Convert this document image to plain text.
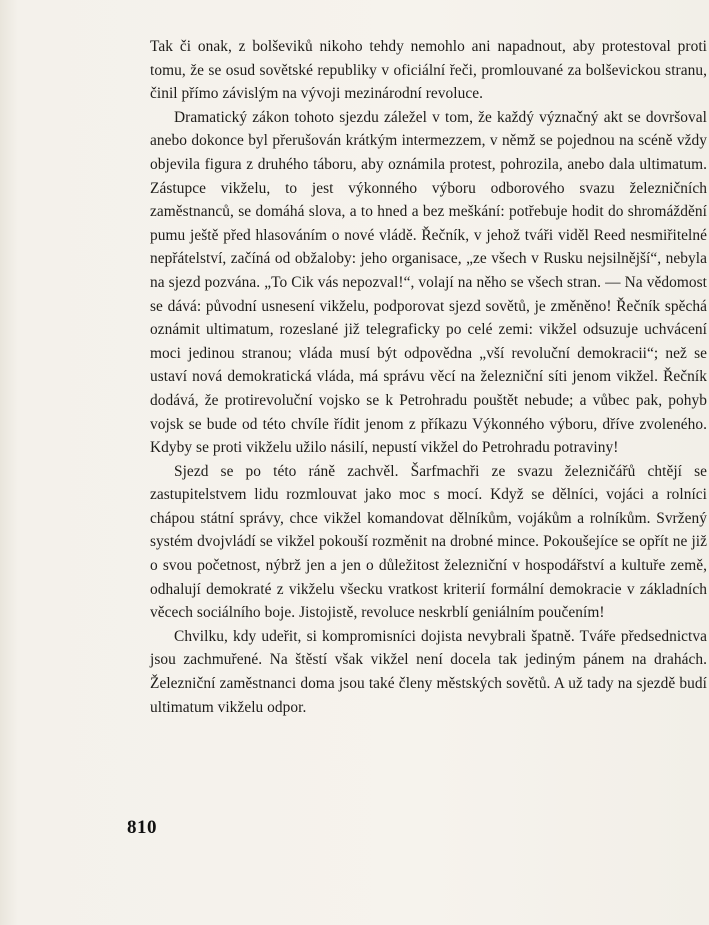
Tak či onak, z bolševiků nikoho tehdy nemohlo ani napadnout, aby protestoval proti tomu, že se osud sovětské republiky v oficiální řeči, promlouvané za bolševickou stranu, činil přímo závislým na vývoji mezinárodní revoluce.

Dramatický zákon tohoto sjezdu záležel v tom, že každý význačný akt se dovršoval anebo dokonce byl přerušován krátkým intermezzem, v němž se pojednou na scéně vždy objevila figura z druhého táboru, aby oznámila protest, pohrozila, anebo dala ultimatum. Zástupce vikželu, to jest výkonného výboru odborového svazu železničních zaměstnanců, se domáhá slova, a to hned a bez meškání: potřebuje hodit do shromáždění pumu ještě před hlasováním o nové vládě. Řečník, v jehož tváři viděl Reed nesmiřitelné nepřátelství, začíná od obžaloby: jeho organisace, „ze všech v Rusku nejsilnější“, nebyla na sjezd pozvána. „To Cik vás nepozval!“, volají na něho se všech stran. — Na vědomost se dává: původní usnesení vikželu, podporovat sjezd sovětů, je změněno! Řečník spěchá oznámit ultimatum, rozeslané již telegraficky po celé zemi: vikžel odsuzuje uchvácení moci jedinou stranou; vláda musí být odpovědna „vší revoluční demokracii“; než se ustaví nová demokratická vláda, má správu věcí na železniční síti jenom vikžel. Řečník dodává, že protirevoluční vojsko se k Petrohradu pouštět nebude; a vůbec pak, pohyb vojsk se bude od této chvíle řídit jenom z příkazu Výkonného výboru, dříve zvoleného. Kdyby se proti vikželu užilo násilí, nepustí vikžel do Petrohradu potraviny!

Sjezd se po této ráně zachvěl. Šarfmachři ze svazu železničářů chtějí se zastupitelstvem lidu rozmlouvat jako moc s mocí. Když se dělníci, vojáci a rolníci chápou státní správy, chce vikžel komandovat dělníkům, vojákům a rolníkům. Svržený systém dvojvládí se vikžel pokouší rozměnit na drobné mince. Pokoušejíce se opřít ne již o svou početnost, nýbrž jen a jen o důležitost železniční v hospodářství a kultuře země, odhalují demokraté z vikželu všecku vratkost kriterií formální demokracie v základních věcech sociálního boje. Jistojistě, revoluce neskrblí geniálním poučením!

Chvilku, kdy udeřit, si kompromisníci dojista nevybrali špatně. Tváře předsednictva jsou zachmuřené. Na štěstí však vikžel není docela tak jediným pánem na drahách. Železniční zaměstnanci doma jsou také členy městských sovětů. A už tady na sjezdě budí ultimatum vikželu odpor.

810
